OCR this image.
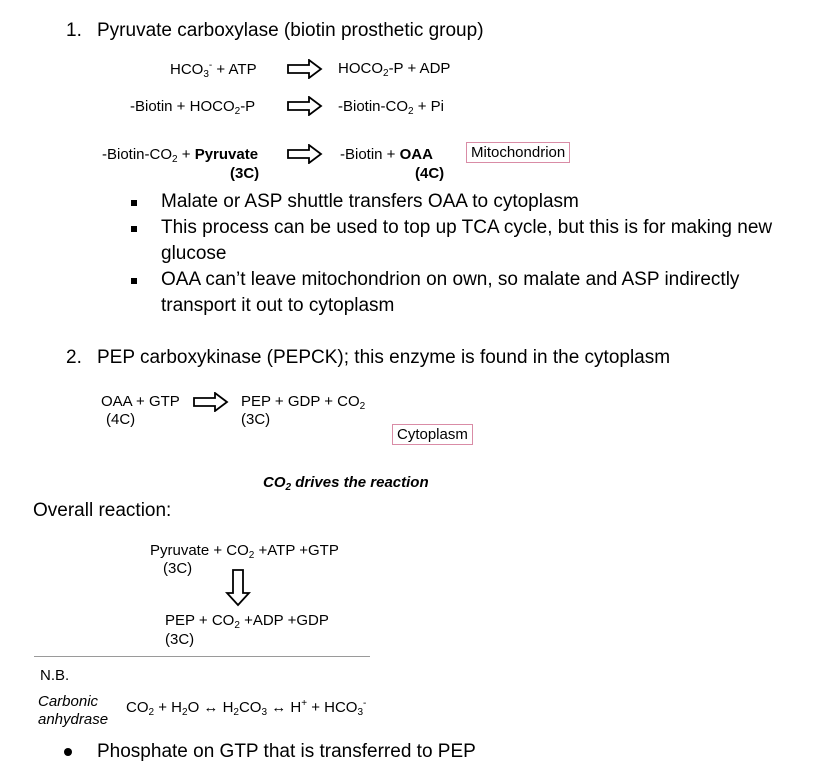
1. Pyruvate carboxylase (biotin prosthetic group)
$HCO_3^-$ + ATP	$HOCO_2-P$ + ADP
-Biotin + $HOCO_2-P$	$-Biotin-CO_2 + Pi$
$-Biotin-CO_2$ + Pyruvate
(3C)
-Biotin + OAA
(4C)
Mitochondrion
Malate or ASP shuttle transfers OAA to cytoplasm
This process can be used to top up TCA cycle, but this is for making new
glucose
OAA can’t leave mitochondrion on own, so malate and ASP indirectly
transport it out to cytoplasm
2. PEP carboxykinase (PEPCK); this enzyme is found in the cytoplasm
OAA + GTP
(4C)
PEP + GDP + $CO_2$
(3C)
Cytoplasm
$CO_2$ drives the reaction
Overall reaction:
Pyruvate + $CO_2 +ATP +GTP$
(3C)
PEP + $CO_2 +ADP +GDP$
(3C)
N.B.
Carbonic
anhydrase
$CO_2 + H_2O$ ↔ $H_2CO_3$ ↔ $H^+ + HCO_3^-$
Phosphate on GTP that is transferred to PEP
